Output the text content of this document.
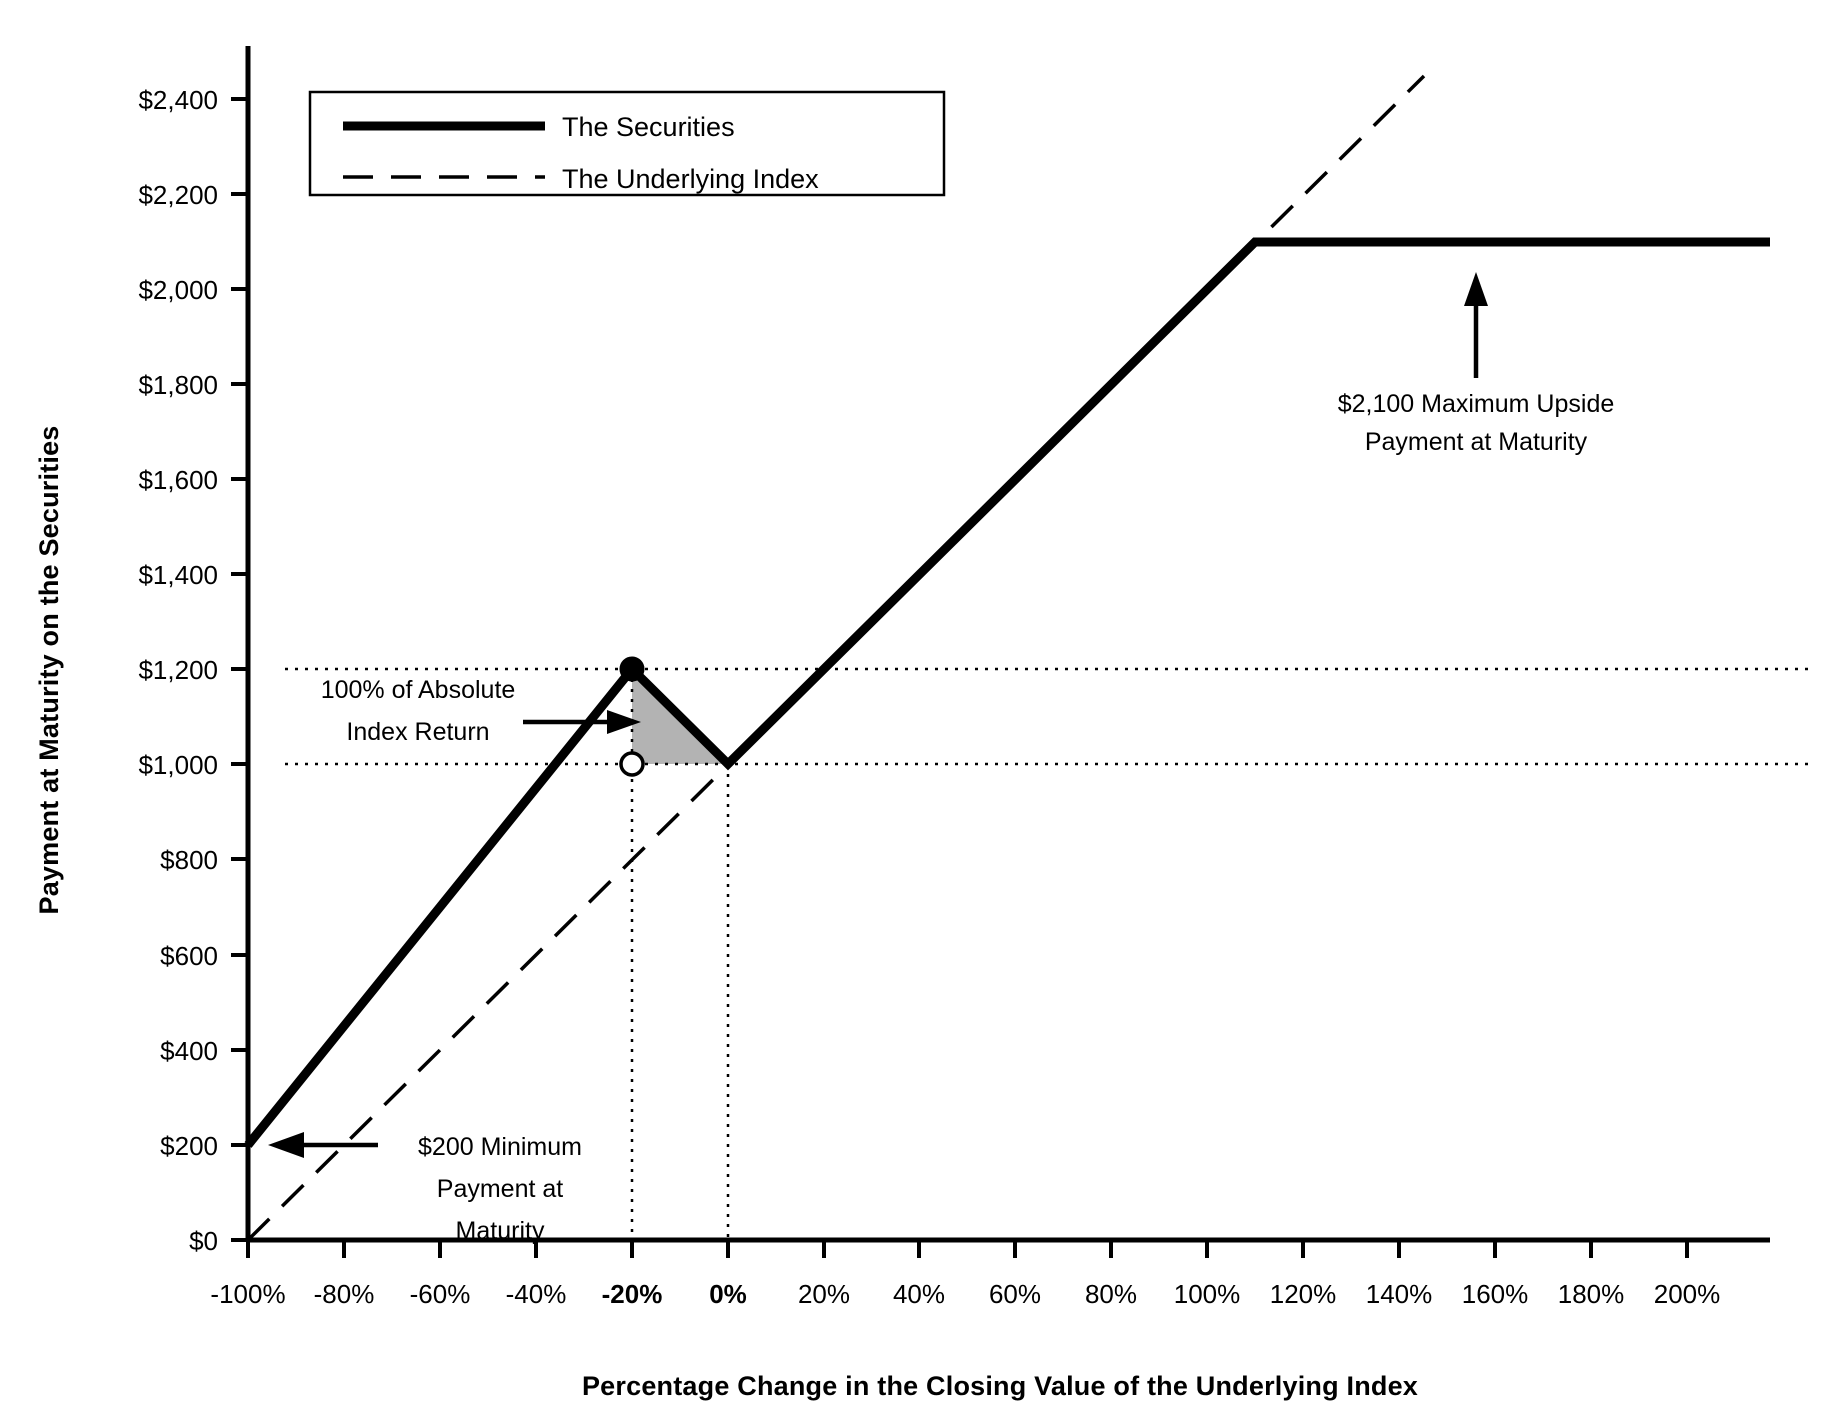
Payment at Maturity on the Securities
Percentage Change in the Closing Value of the Underlying Index
$0
$200
$400
$600
$800
$1,000
$1,200
$1,400
$1,600
$1,800
$2,000
$2,200
$2,400
-100% -80% -60% -40% -20% 0% 20% 40% 60% 80% 100% 120% 140% 160% 180% 200%
The Securities
The Underlying Index
$2,100 Maximum Upside
Payment at Maturity
100% of Absolute
Index Return
$200 Minimum
Payment at
Maturity
